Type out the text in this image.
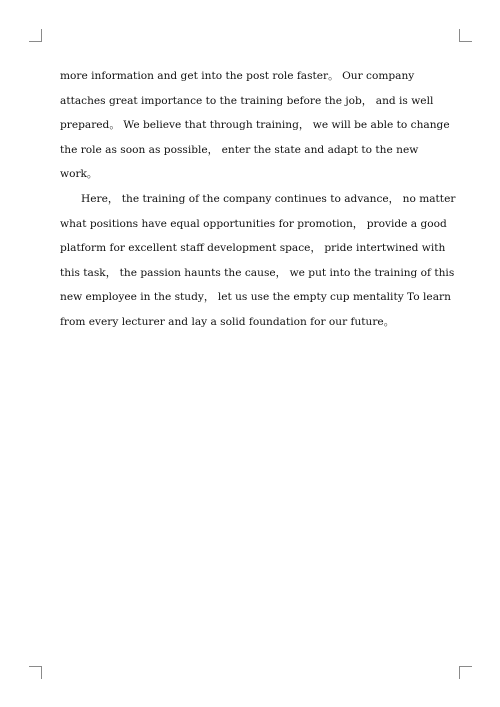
more information and get into the post role faster。 Our company
attaches great importance to the training before the job， and is well
prepared。 We believe that through training， we will be able to change
the role as soon as possible， enter the state and adapt to the new
work。
Here， the training of the company continues to advance， no matter
what positions have equal opportunities for promotion， provide a good
platform for excellent staff development space， pride intertwined with
this task， the passion haunts the cause， we put into the training of this
new employee in the study， let us use the empty cup mentality To learn
from every lecturer and lay a solid foundation for our future。
